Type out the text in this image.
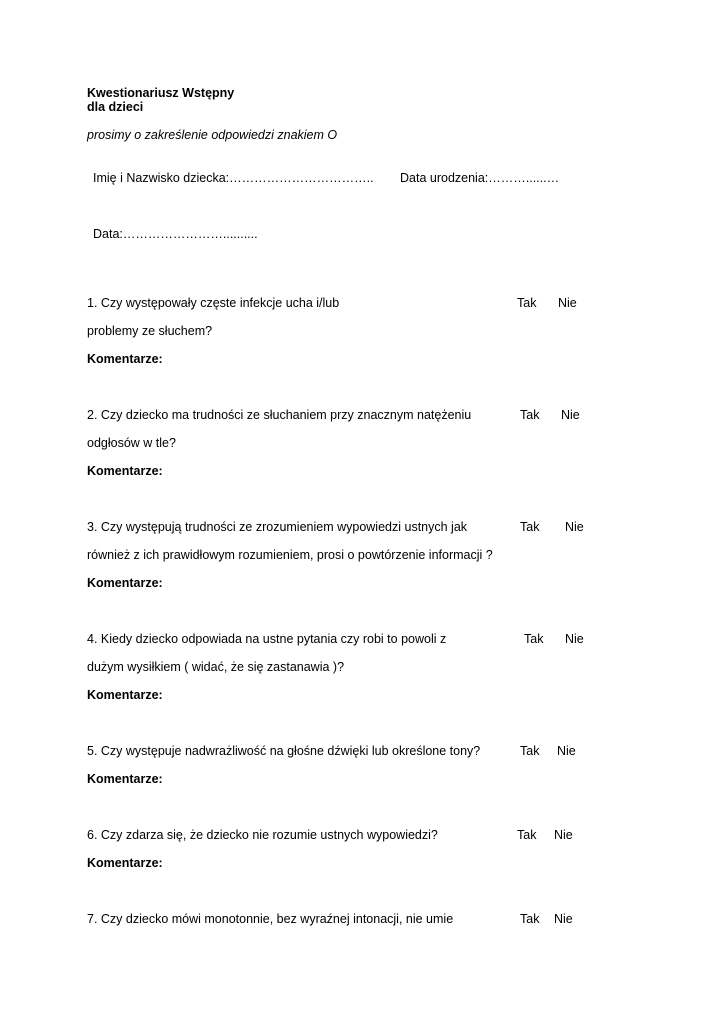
Kwestionariusz Wstępny
dla dzieci
prosimy o zakreślenie odpowiedzi znakiem O
Imię i Nazwisko dziecka:…………………………….. Data urodzenia:………......…
Data:……………………..........
1. Czy występowały częste infekcje ucha i/lub	Tak Nie
problemy ze słuchem?
Komentarze:
2. Czy dziecko ma trudności ze słuchaniem przy znacznym natężeniu	Tak Nie
odgłosów w tle?
Komentarze:
3. Czy występują trudności ze zrozumieniem wypowiedzi ustnych jak	Tak Nie
również z ich prawidłowym rozumieniem, prosi o powtórzenie informacji ?
Komentarze:
4. Kiedy dziecko odpowiada na ustne pytania czy robi to powoli z	Tak Nie
dużym wysiłkiem ( widać, że się zastanawia )?
Komentarze:
5. Czy występuje nadwrażliwość na głośne dźwięki lub określone tony?	Tak Nie
Komentarze:
6. Czy zdarza się, że dziecko nie rozumie ustnych wypowiedzi?	Tak Nie
Komentarze:
7. Czy dziecko mówi monotonnie, bez wyraźnej intonacji, nie umie	Tak Nie
